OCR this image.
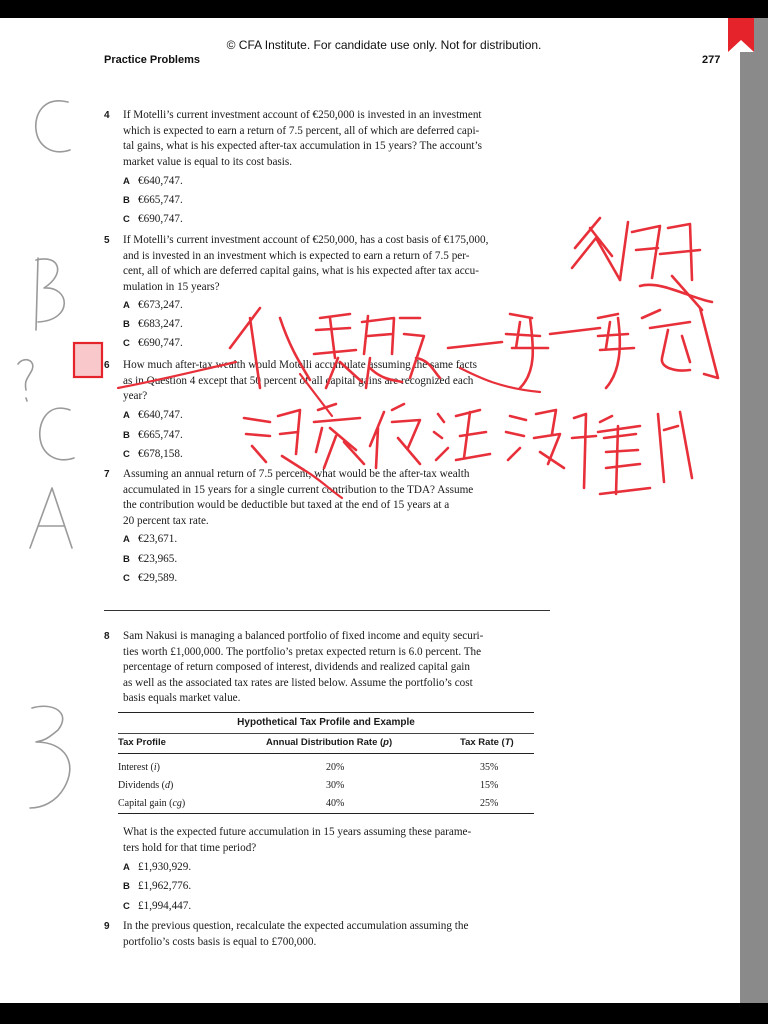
© CFA Institute. For candidate use only. Not for distribution.
Practice Problems	277
4 If Motelli’s current investment account of €250,000 is invested in an investment
which is expected to earn a return of 7.5 percent, all of which are deferred capi-
tal gains, what is his expected after-tax accumulation in 15 years? The account’s
market value is equal to its cost basis.
A €640,747.
B €665,747.
C €690,747.
5 If Motelli’s current investment account of €250,000, has a cost basis of €175,000,
and is invested in an investment which is expected to earn a return of 7.5 per-
cent, all of which are deferred capital gains, what is his expected after tax accu-
mulation in 15 years?
A €673,247.
B €683,247.
C €690,747.
6 How much after-tax wealth would Motelli accumulate assuming the same facts
as in Question 4 except that 50 percent of all capital gains are recognized each
year?
A €640,747.
B €665,747.
C €678,158.
7 Assuming an annual return of 7.5 percent, what would be the after-tax wealth
accumulated in 15 years for a single current contribution to the TDA? Assume
the contribution would be deductible but taxed at the end of 15 years at a
20 percent tax rate.
A €23,671.
B €23,965.
C €29,589.
8 Sam Nakusi is managing a balanced portfolio of fixed income and equity securi-
ties worth £1,000,000. The portfolio’s pretax expected return is 6.0 percent. The
percentage of return composed of interest, dividends and realized capital gain
as well as the associated tax rates are listed below. Assume the portfolio’s cost
basis equals market value.
Hypothetical Tax Profile and Example
Tax Profile	Annual Distribution Rate (p)	Tax Rate (T)
Interest (i)	20%	35%
Dividends (d)	30%	15%
Capital gain (cg)	40%	25%
What is the expected future accumulation in 15 years assuming these parame-
ters hold for that time period?
A £1,930,929.
B £1,962,776.
C £1,994,447.
9 In the previous question, recalculate the expected accumulation assuming the
portfolio’s costs basis is equal to £700,000.
